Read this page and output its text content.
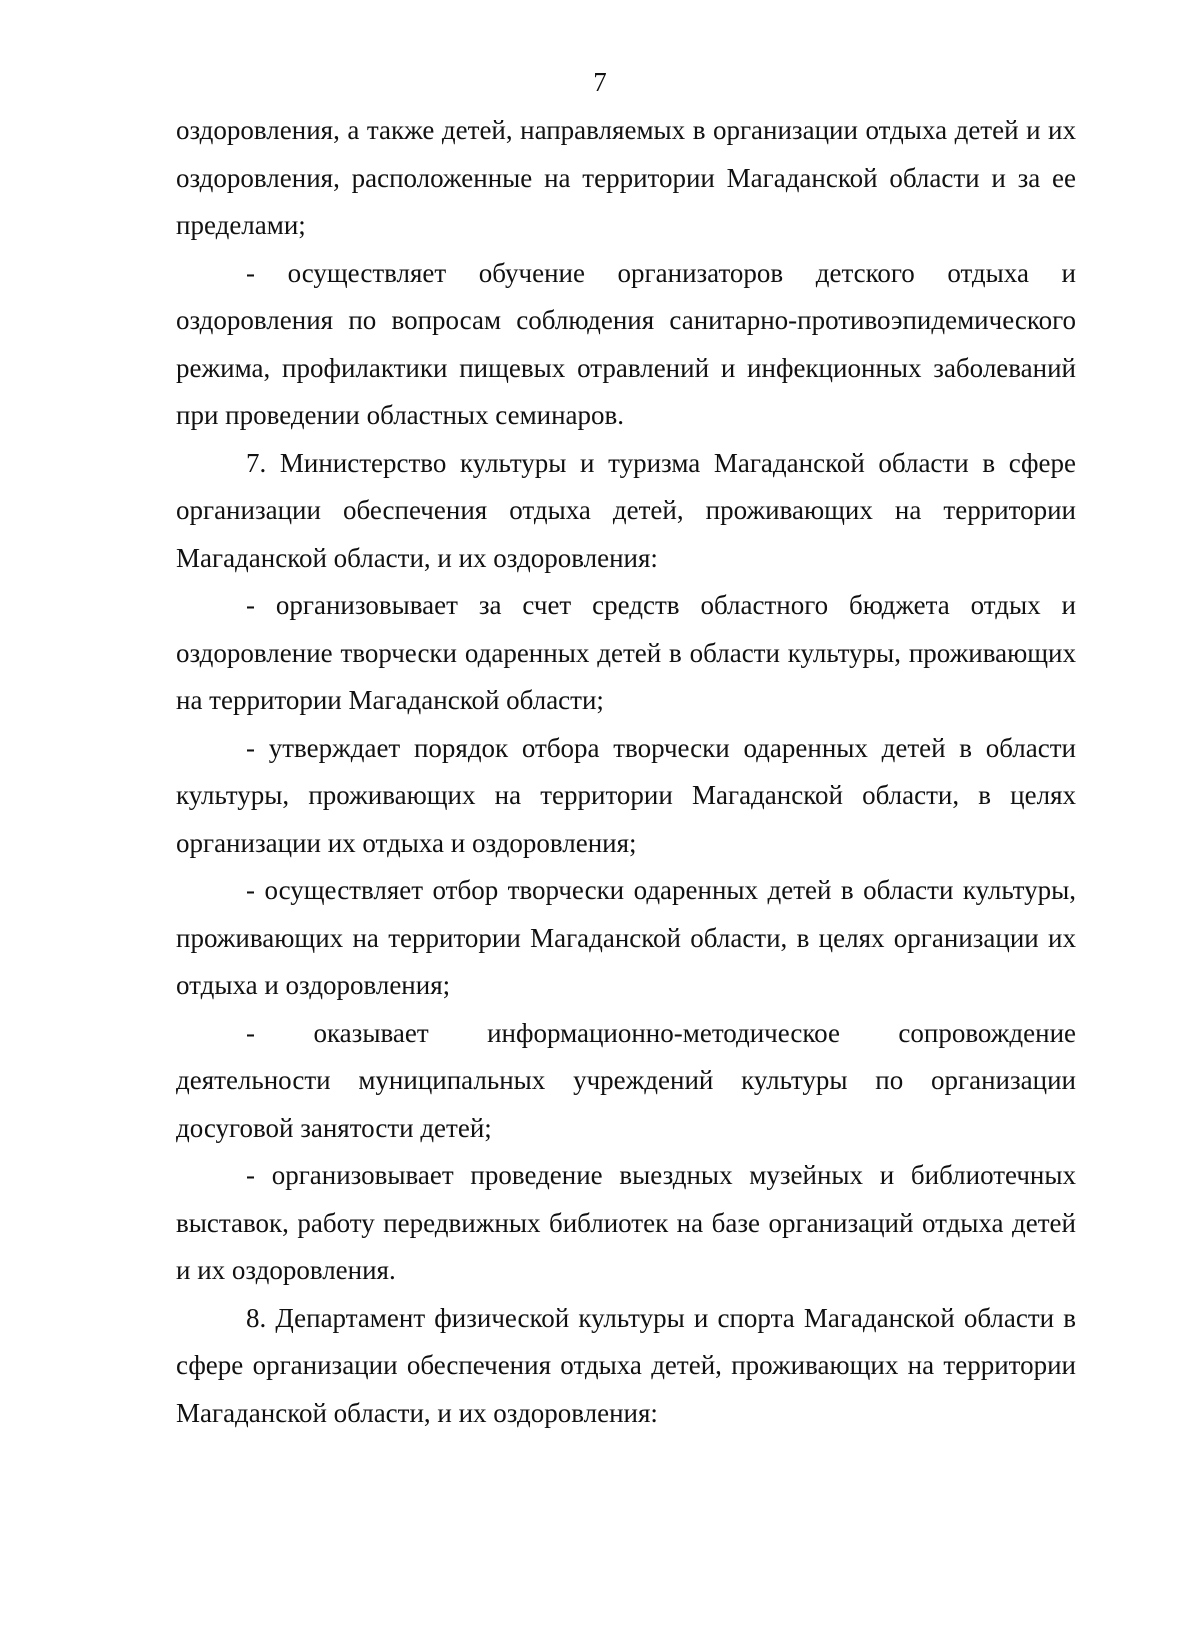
7

оздоровления, а также детей, направляемых в организации отдыха детей и их оздоровления, расположенные на территории Магаданской области и за ее пределами;

- осуществляет обучение организаторов детского отдыха и оздоровления по вопросам соблюдения санитарно-противоэпидемического режима, профилактики пищевых отравлений и инфекционных заболеваний при проведении областных семинаров.

7. Министерство культуры и туризма Магаданской области в сфере организации обеспечения отдыха детей, проживающих на территории Магаданской области, и их оздоровления:

- организовывает за счет средств областного бюджета отдых и оздоровление творчески одаренных детей в области культуры, проживающих на территории Магаданской области;

- утверждает порядок отбора творчески одаренных детей в области культуры, проживающих на территории Магаданской области, в целях организации их отдыха и оздоровления;

- осуществляет отбор творчески одаренных детей в области культуры, проживающих на территории Магаданской области, в целях организации их отдыха и оздоровления;

- оказывает информационно-методическое сопровождение деятельности муниципальных учреждений культуры по организации досуговой занятости детей;

- организовывает проведение выездных музейных и библиотечных выставок, работу передвижных библиотек на базе организаций отдыха детей и их оздоровления.

8. Департамент физической культуры и спорта Магаданской области в сфере организации обеспечения отдыха детей, проживающих на территории Магаданской области, и их оздоровления:
